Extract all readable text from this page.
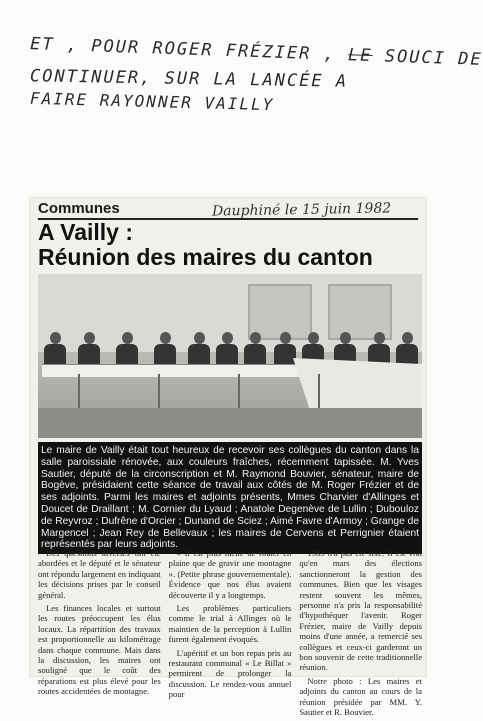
ET , POUR ROGER FRÉZIER , LE SOUCI DE
CONTINUER, SUR LA LANCÉE A
FAIRE RAYONNER VAILLY
Communes	Dauphiné le 15 juin 1982
A Vailly :
Réunion des maires du canton

Le maire de Vailly était tout heureux de recevoir ses collègues du canton dans la salle paroissiale rénovée, aux couleurs fraîches, récemment tapissée. M. Yves Sautier, député de la circonscription et M. Raymond Bouvier, sénateur, maire de Bogève, présidaient cette séance de travail aux côtés de M. Roger Frézier et de ses adjoints. Parmi les maires et adjoints présents, Mmes Charvier d'Allinges et Doucet de Draillant ; M. Cornier du Lyaud ; Anatole Degenève de Lullin ; Dubouloz de Reyvroz ; Dufrêne d'Orcier ; Dunand de Sciez ; Aimé Favre d'Armoy ; Grange de Margencel ; Jean Rey de Bellevaux ; les maires de Cervens et Perrignier étaient représentés par leurs adjoints.

Des questions diverses ont été abordées et le député et le sénateur ont répondu largement en indiquant les décisions prises par le conseil général.

Les finances locales et surtout les routes préoccupent les élus locaux. La répartition des travaux est proportionnelle au kilométrage dans chaque commune. Mais dans la discussion, les maires ont souligné que le coût des réparations est plus élevé pour les routes accidentées de montagne.

« Il est plus facile de rouler en plaine que de gravir une montagne ». (Petite phrase gouvernementale). Évidence que nos élus avaient découverte il y a longtemps.

Les problèmes particuliers comme le trial à Allinges où le maintien de la perception à Lullin furent également évoqués.

L'apéritif et un bon repas pris au restaurant communal « Le Billat » permirent de prolonger la discussion. Le rendez-vous annuel pour

1983 n'a pas été fixé. Il est vrai qu'en mars des élections sanctionneront la gestion des communes. Bien que les visages restent souvent les mêmes, personne n'a pris la responsabilité d'hypothéquer l'avenir. Roger Frézier, maire de Vailly depuis moins d'une année, a remercié ses collègues et ceux-ci garderont un bon souvenir de cette traditionnelle réunion.

Notre photo : Les maires et adjoints du canton au cours de la réunion présidée par MM. Y. Sautier et R. Bouvier.
